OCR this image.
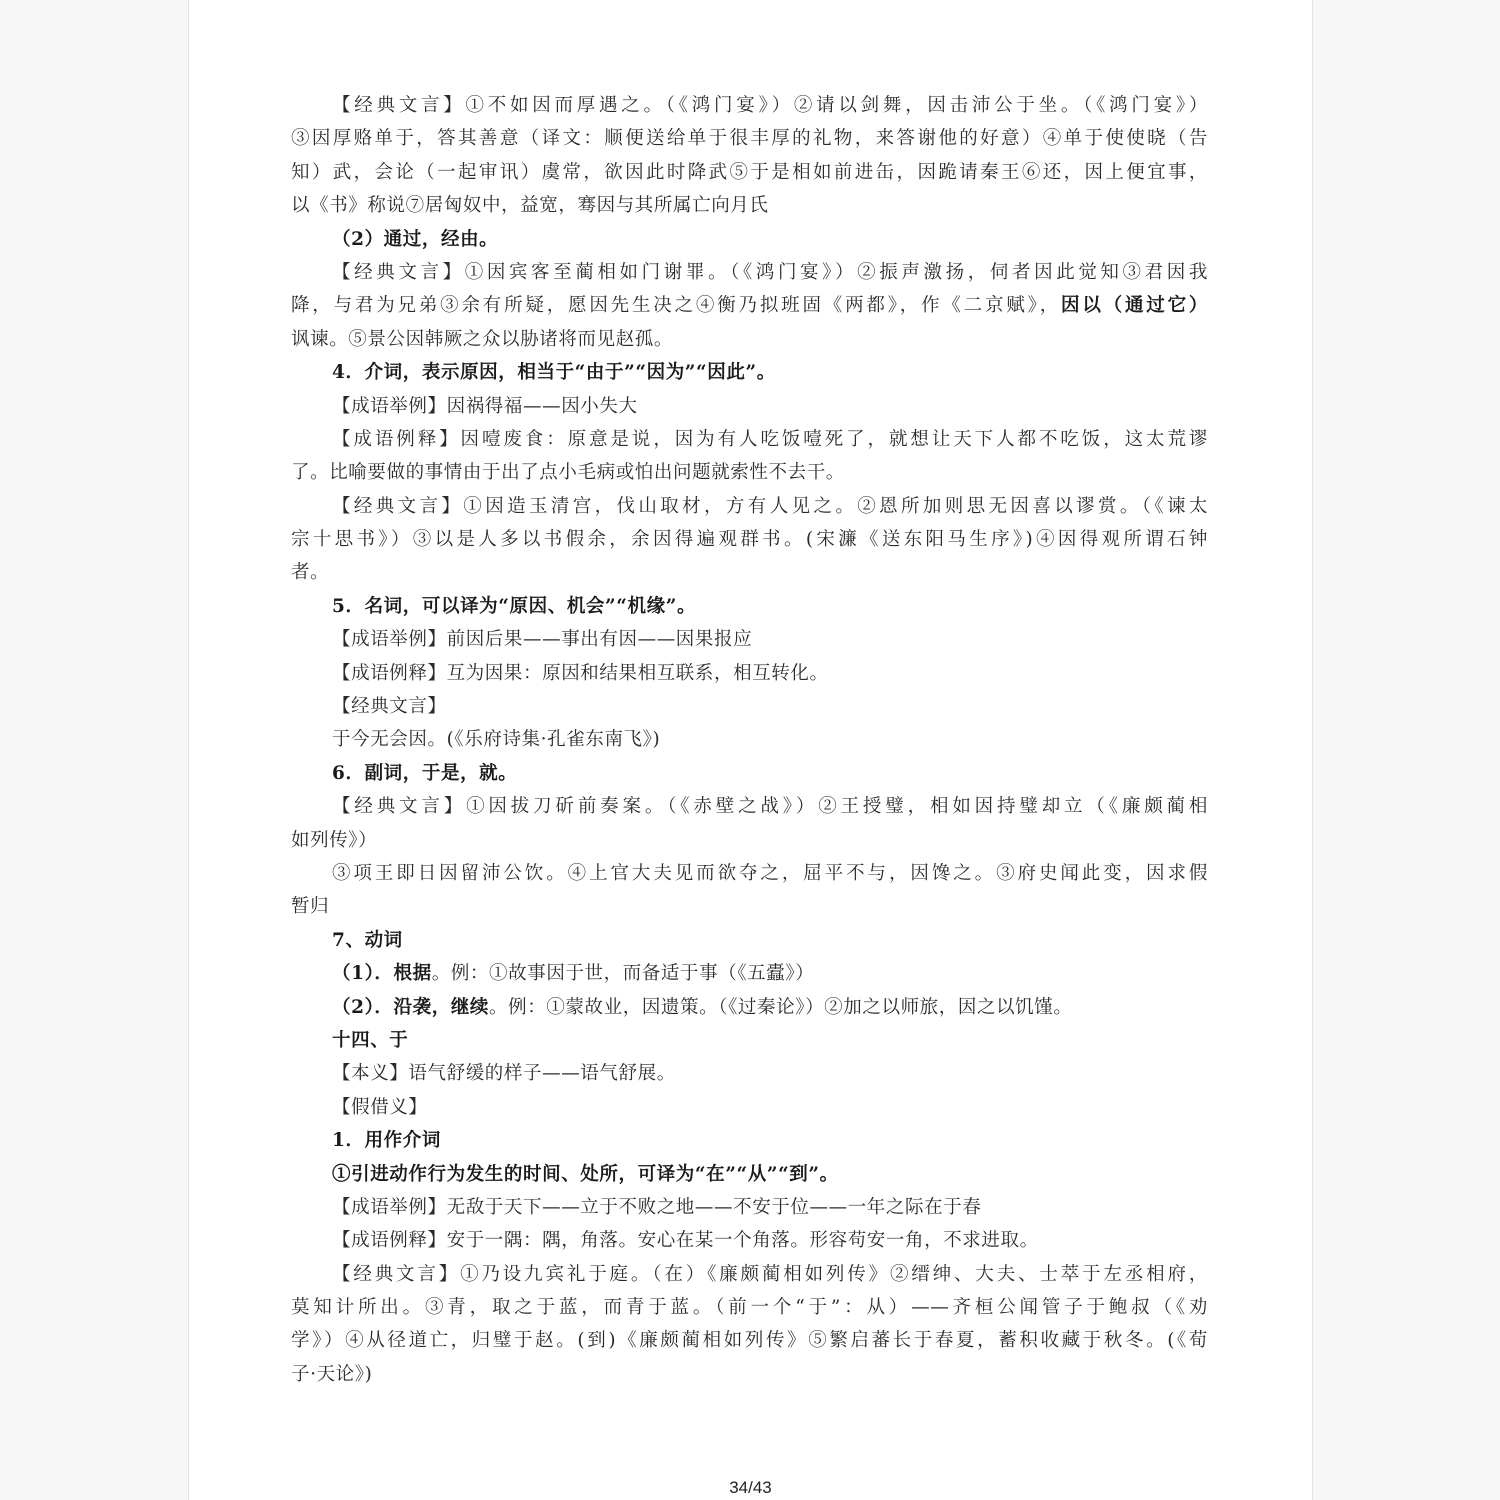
【经典文言】①不如因而厚遇之。（《鸿门宴》）②请以剑舞，因击沛公于坐。（《鸿门宴》）
③因厚赂单于，答其善意（译文：顺便送给单于很丰厚的礼物，来答谢他的好意）④单于使使晓（告
知）武，会论（一起审讯）虞常，欲因此时降武⑤于是相如前进缶，因跪请秦王⑥还，因上便宜事，
以《书》称说⑦居匈奴中，益宽，骞因与其所属亡向月氏
（2）通过，经由。
【经典文言】①因宾客至蔺相如门谢罪。（《鸿门宴》）②振声激扬，伺者因此觉知③君因我
降，与君为兄弟③余有所疑，愿因先生决之④衡乃拟班固《两都》，作《二京赋》，因以（通过它）
讽谏。⑤景公因韩厥之众以胁诸将而见赵孤。
4．介词，表示原因，相当于“由于”“因为”“因此”。
【成语举例】因祸得福——因小失大
【成语例释】因噎废食：原意是说，因为有人吃饭噎死了，就想让天下人都不吃饭，这太荒谬
了。比喻要做的事情由于出了点小毛病或怕出问题就索性不去干。
【经典文言】①因造玉清宫，伐山取材，方有人见之。②恩所加则思无因喜以谬赏。（《谏太
宗十思书》）③以是人多以书假余，余因得遍观群书。(宋濂《送东阳马生序》)④因得观所谓石钟
者。
5．名词，可以译为“原因、机会”“机缘”。
【成语举例】前因后果——事出有因——因果报应
【成语例释】互为因果：原因和结果相互联系，相互转化。
【经典文言】
于今无会因。(《乐府诗集·孔雀东南飞》)
6．副词，于是，就。
【经典文言】①因拔刀斫前奏案。（《赤壁之战》）②王授璧，相如因持璧却立（《廉颇蔺相
如列传》）
③项王即日因留沛公饮。④上官大夫见而欲夺之，屈平不与，因馋之。③府史闻此变，因求假
暂归
7、动词
（1）．根据。例：①故事因于世，而备适于事（《五蠹》）
（2）．沿袭，继续。例：①蒙故业，因遗策。（《过秦论》）②加之以师旅，因之以饥馑。
十四、于
【本义】语气舒缓的样子——语气舒展。
【假借义】
1．用作介词
①引进动作行为发生的时间、处所，可译为“在”“从”“到”。
【成语举例】无敌于天下——立于不败之地——不安于位——一年之际在于春
【成语例释】安于一隅：隅，角落。安心在某一个角落。形容苟安一角，不求进取。
【经典文言】①乃设九宾礼于庭。（在）《廉颇蔺相如列传》②缙绅、大夫、士萃于左丞相府，
莫知计所出。③青，取之于蓝，而青于蓝。（前一个“于”：从）——齐桓公闻管子于鲍叔（《劝
学》）④从径道亡，归璧于赵。(到)《廉颇蔺相如列传》⑤繁启蕃长于春夏，蓄积收藏于秋冬。(《荀
子·天论》)
34/43
